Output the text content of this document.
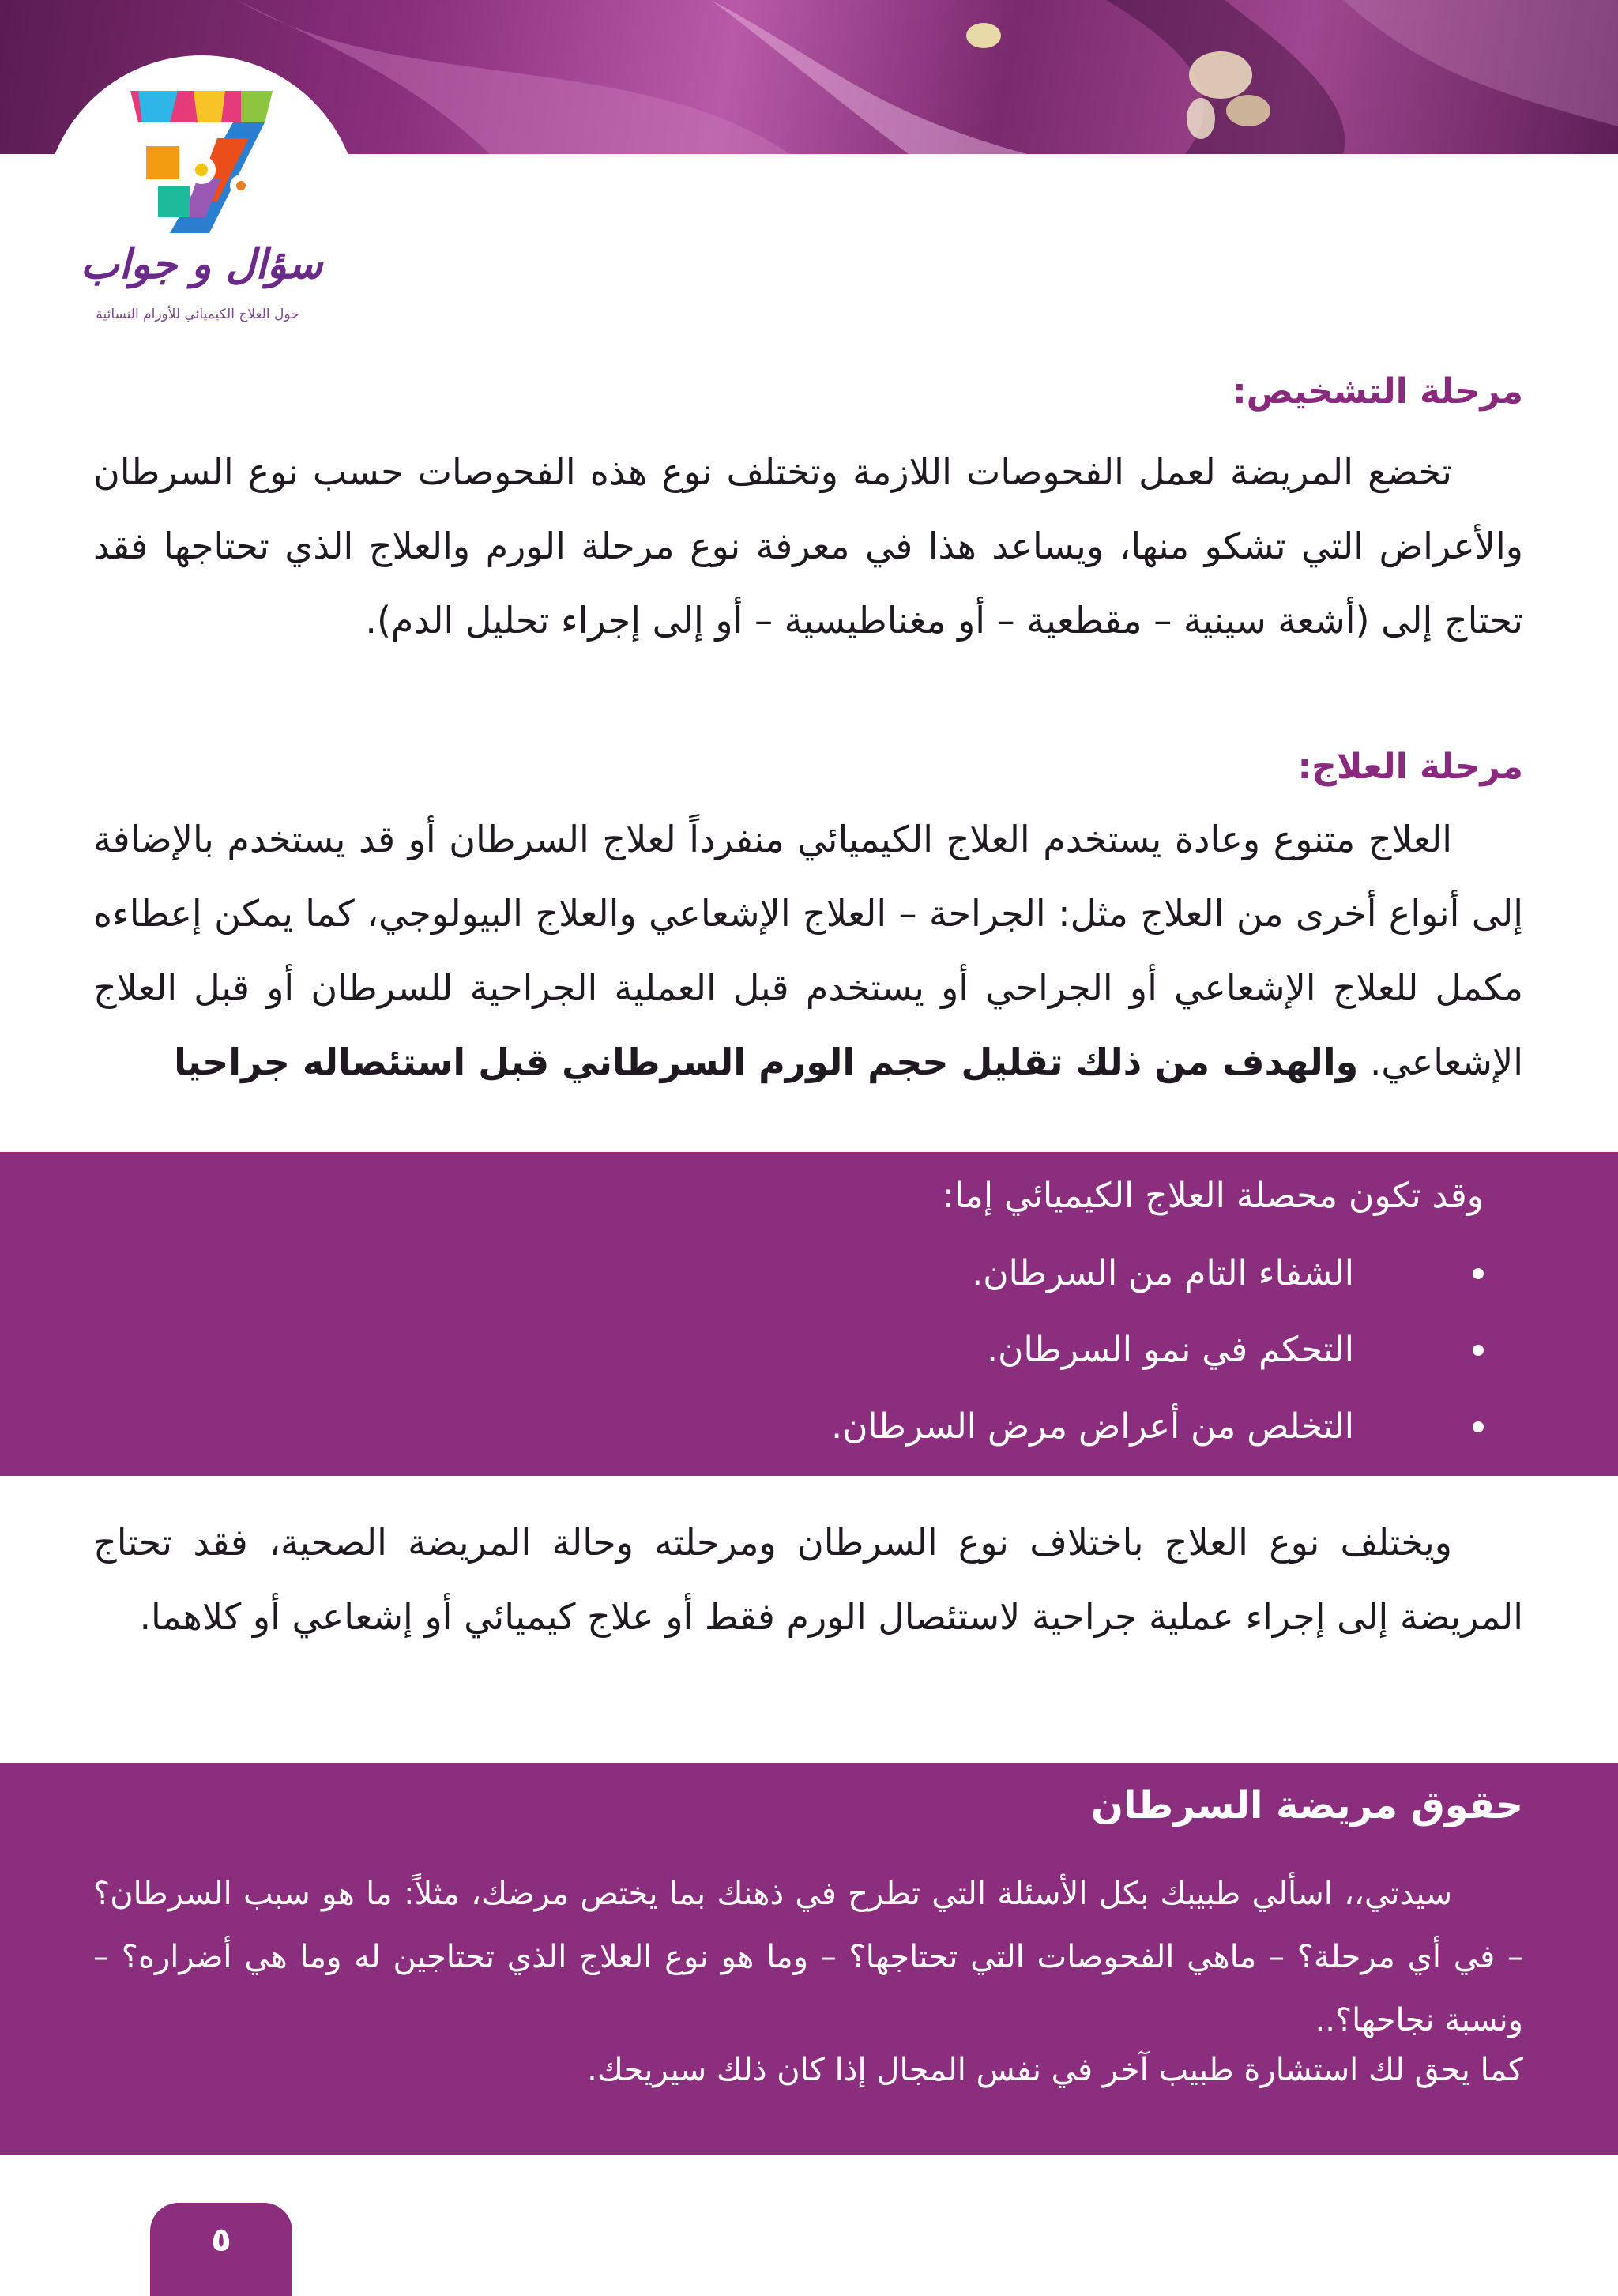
سؤال و جواب
حول العلاج الكيميائي للأورام النسائية
مرحلة التشخيص:

تخضع المريضة لعمل الفحوصات اللازمة وتختلف نوع هذه الفحوصات حسب نوع السرطان والأعراض التي تشكو منها، ويساعد هذا في معرفة نوع مرحلة الورم والعلاج الذي تحتاجها فقد تحتاج إلى (أشعة سينية – مقطعية – أو مغناطيسية – أو إلى إجراء تحليل الدم).

مرحلة العلاج:

العلاج متنوع وعادة يستخدم العلاج الكيميائي منفرداً لعلاج السرطان أو قد يستخدم بالإضافة إلى أنواع أخرى من العلاج مثل: الجراحة – العلاج الإشعاعي والعلاج البيولوجي، كما يمكن إعطاءه مكمل للعلاج الإشعاعي أو الجراحي أو يستخدم قبل العملية الجراحية للسرطان أو قبل العلاج الإشعاعي. والهدف من ذلك تقليل حجم الورم السرطاني قبل استئصاله جراحيا

وقد تكون محصلة العلاج الكيميائي إما:
الشفاء التام من السرطان.
التحكم في نمو السرطان.
التخلص من أعراض مرض السرطان.

ويختلف نوع العلاج باختلاف نوع السرطان ومرحلته وحالة المريضة الصحية، فقد تحتاج المريضة إلى إجراء عملية جراحية لاستئصال الورم فقط أو علاج كيميائي أو إشعاعي أو كلاهما.

حقوق مريضة السرطان

سيدتي،، اسألي طبيبك بكل الأسئلة التي تطرح في ذهنك بما يختص مرضك، مثلاً: ما هو سبب السرطان؟ – في أي مرحلة؟ – ماهي الفحوصات التي تحتاجها؟ – وما هو نوع العلاج الذي تحتاجين له وما هي أضراره؟ – ونسبة نجاحها؟..

كما يحق لك استشارة طبيب آخر في نفس المجال إذا كان ذلك سيريحك.
٥
